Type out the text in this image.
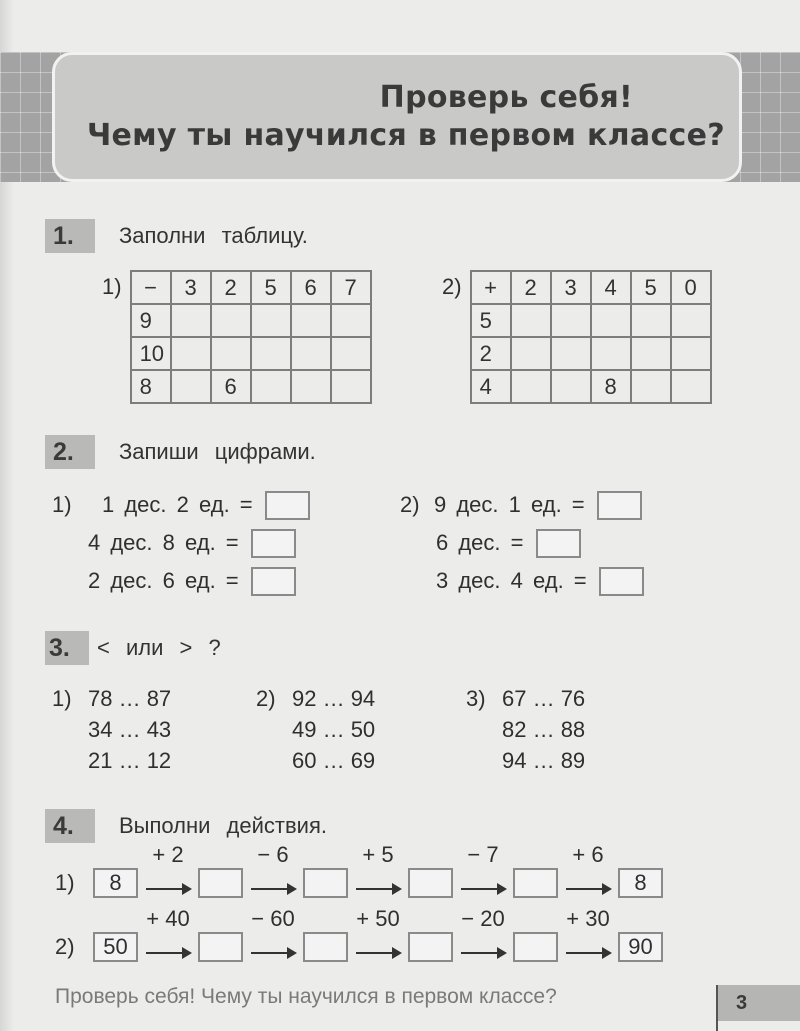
Проверь себя!
Чему ты научился в первом классе?
1.	Заполни таблицу.
1) −	3	2	5	6	7
9					
10					
8		6			
2) +	2	3	4	5	0
5					
2					
4			8		
2.	Запиши цифрами.
1)	1 дес. 2 ед. =
4 дес. 8 ед. =
2 дес. 6 ед. =
2) 9 дес. 1 ед. =
6 дес. =
3 дес. 4 ед. =
3.	< или > ?
1) 78 … 87
34 … 43
21 … 12
2) 92 … 94
49 … 50
60 … 69
3) 67 … 76
82 … 88
94 … 89
4.	Выполни действия.
1)	8
+ 2	− 6	+ 5	− 7	+ 6
8
2)	50
+ 40	− 60	+ 50	− 20	+ 30
90
Проверь себя! Чему ты научился в первом классе?	3
